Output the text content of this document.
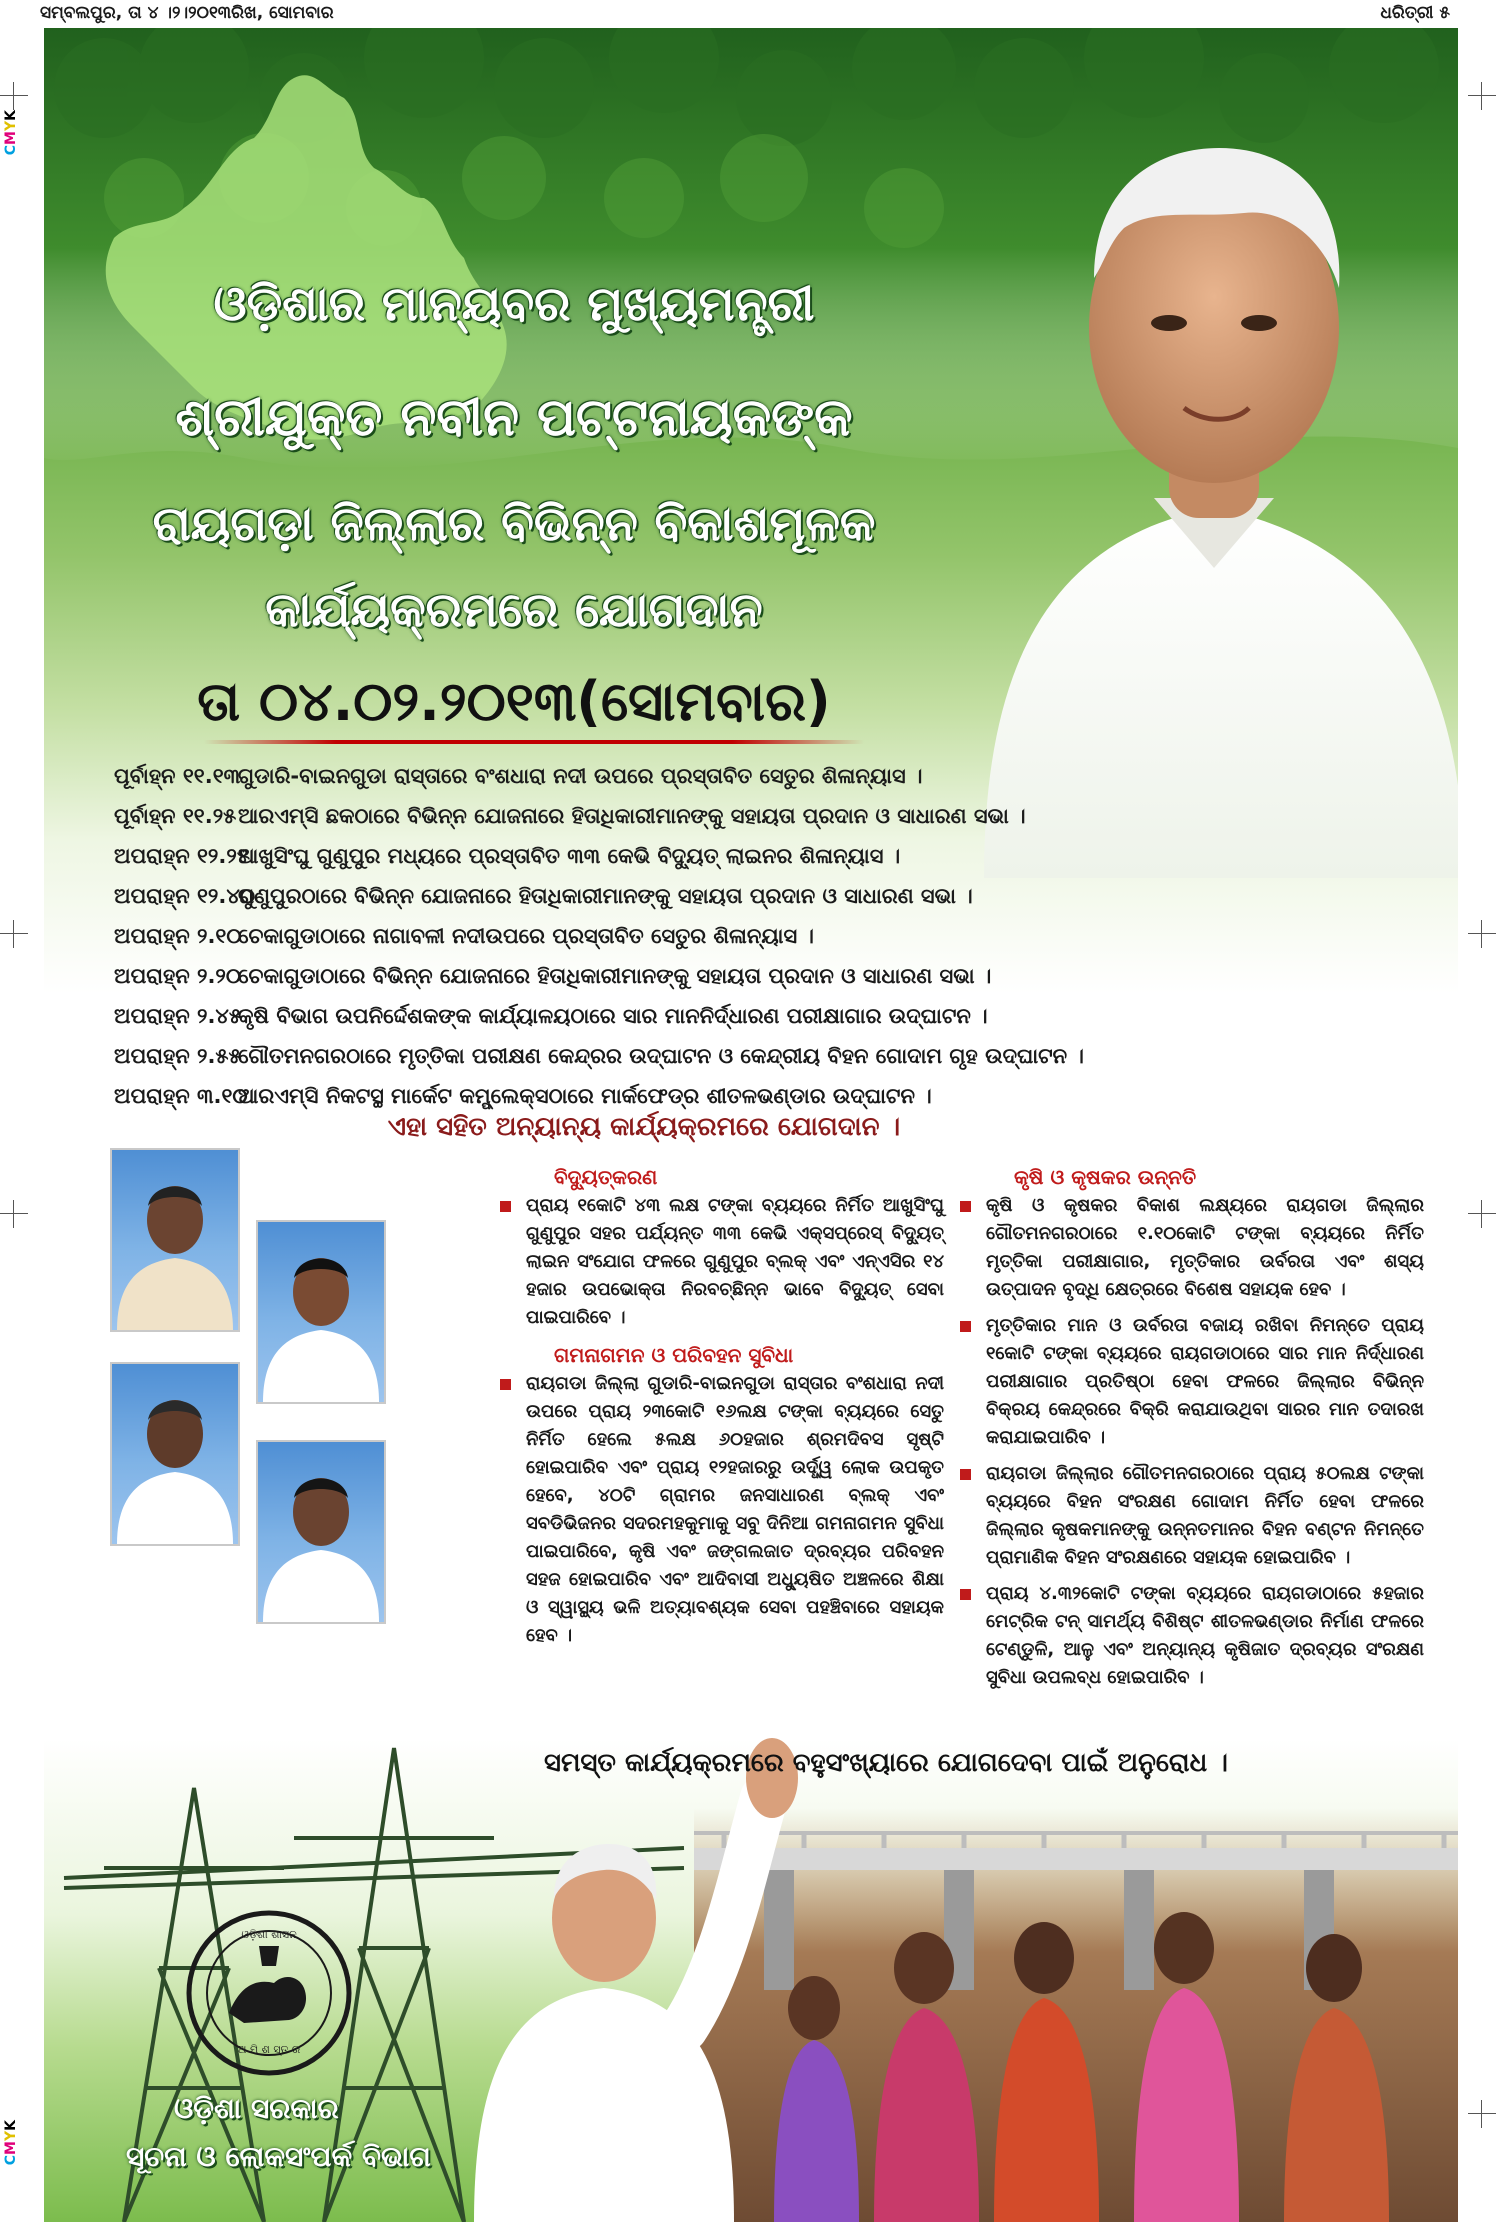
ସମ୍ବଲପୁର, ତା ୪ ।୨।୨୦୧୩ରିଖ, ସୋମବାର	ଧରିତ୍ରୀ ୫
CMYK
CMYK
ଓଡ଼ିଶାର ମାନ୍ୟବର ମୁଖ୍ୟମନ୍ତ୍ରୀ
ଶ୍ରୀଯୁକ୍ତ ନବୀନ ପଟ୍ଟନାୟକଙ୍କ
ରାୟଗଡ଼ା ଜିଲ୍ଲାର ବିଭିନ୍ନ ବିକାଶମୂଳକ
କାର୍ଯ୍ୟକ୍ରମରେ ଯୋଗଦାନ
ତା ୦୪.୦୨.୨୦୧୩(ସୋମବାର)
ପୂର୍ବାହ୍ନ ୧୧.୧୩ଗୁଡାରି-ବାଇନଗୁଡା ରାସ୍ତାରେ ବଂଶଧାରା ନଦୀ ଉପରେ ପ୍ରସ୍ତାବିତ ସେତୁର ଶିଳାନ୍ୟାସ ।
ପୂର୍ବାହ୍ନ ୧୧.୨୫ଆରଏମ୍‌ସି ଛକଠାରେ ବିଭିନ୍ନ ଯୋଜନାରେ ହିତାଧିକାରୀମାନଙ୍କୁ ସହାୟତା ପ୍ରଦାନ ଓ ସାଧାରଣ ସଭା ।
ଅପରାହ୍ନ ୧୨.୨୫ଆଖୁସିଂଘୁ ଗୁଣୁପୁର ମଧ୍ୟରେ ପ୍ରସ୍ତାବିତ ୩୩ କେଭି ବିଦ୍ୟୁତ୍ ଲାଇନର ଶିଳାନ୍ୟାସ ।
ଅପରାହ୍ନ ୧୨.୪୦ଗୁଣୁପୁରଠାରେ ବିଭିନ୍ନ ଯୋଜନାରେ ହିତାଧିକାରୀମାନଙ୍କୁ ସହାୟତା ପ୍ରଦାନ ଓ ସାଧାରଣ ସଭା ।
ଅପରାହ୍ନ ୨.୧୦ଚେକାଗୁଡାଠାରେ ନାଗାବଳୀ ନଦୀଉପରେ ପ୍ରସ୍ତାବିତ ସେତୁର ଶିଳାନ୍ୟାସ ।
ଅପରାହ୍ନ ୨.୨୦ଚେକାଗୁଡାଠାରେ ବିଭିନ୍ନ ଯୋଜନାରେ ହିତାଧିକାରୀମାନଙ୍କୁ ସହାୟତା ପ୍ରଦାନ ଓ ସାଧାରଣ ସଭା ।
ଅପରାହ୍ନ ୨.୪୫କୃଷି ବିଭାଗ ଉପନିର୍ଦ୍ଦେଶକଙ୍କ କାର୍ଯ୍ୟାଳୟଠାରେ ସାର ମାନନିର୍ଦ୍ଧାରଣ ପରୀକ୍ଷାଗାର ଉଦ୍‌ଘାଟନ ।
ଅପରାହ୍ନ ୨.୫୫ଗୌତମନଗରଠାରେ ମୃତ୍ତିକା ପରୀକ୍ଷଣ କେନ୍ଦ୍ରର ଉଦ୍‌ଘାଟନ ଓ କେନ୍ଦ୍ରୀୟ ବିହନ ଗୋଦାମ ଗୃହ ଉଦ୍‌ଘାଟନ ।
ଅପରାହ୍ନ ୩.୧୦ଆରଏମ୍‌ସି ନିକଟସ୍ଥ ମାର୍କେଟ କମ୍ପ୍ଲେକ୍ସଠାରେ ମାର୍କଫେଡ୍‌ର ଶୀତଳଭଣ୍ଡାର ଉଦ୍‌ଘାଟନ ।
ଏହା ସହିତ ଅନ୍ୟାନ୍ୟ କାର୍ଯ୍ୟକ୍ରମରେ ଯୋଗଦାନ ।
ବିଦ୍ୟୁତ୍‌କରଣ
ପ୍ରାୟ ୧କୋଟି ୪୩ ଲକ୍ଷ ଟଙ୍କା ବ୍ୟୟରେ ନିର୍ମିତ ଆଖୁସିଂଘୁ ଗୁଣୁପୁର ସହର ପର୍ଯ୍ୟନ୍ତ ୩୩ କେଭି ଏକ୍ସପ୍ରେସ୍ ବିଦ୍ୟୁତ୍ ଲାଇନ ସଂଯୋଗ ଫଳରେ ଗୁଣୁପୁର ବ୍ଲକ୍ ଏବଂ ଏନ୍‌ଏସିର ୧୪ ହଜାର ଉପଭୋକ୍ତା ନିରବଚ୍ଛିନ୍ନ ଭାବେ ବିଦ୍ୟୁତ୍ ସେବା ପାଇପାରିବେ ।
ଗମନାଗମନ ଓ ପରିବହନ ସୁବିଧା
ରାୟଗଡା ଜିଲ୍ଲା ଗୁଡାରି-ବାଇନଗୁଡା ରାସ୍ତାର ବଂଶଧାରା ନଦୀ ଉପରେ ପ୍ରାୟ ୨୩କୋଟି ୧୬ଲକ୍ଷ ଟଙ୍କା ବ୍ୟୟରେ ସେତୁ ନିର୍ମିତ ହେଲେ ୫ଲକ୍ଷ ୬୦ହଜାର ଶ୍ରମଦିବସ ସୃଷ୍ଟି ହୋଇପାରିବ ଏବଂ ପ୍ରାୟ ୧୨ହଜାରରୁ ଉର୍ଦ୍ଧ୍ୱ ଲୋକ ଉପକୃତ ହେବେ, ୪୦ଟି ଗ୍ରାମର ଜନସାଧାରଣ ବ୍ଲକ୍ ଏବଂ ସବଡିଭିଜନର ସଦରମହକୁମାକୁ ସବୁ ଦିନିଆ ଗମନାଗମନ ସୁବିଧା ପାଇପାରିବେ, କୃଷି ଏବଂ ଜଙ୍ଗଲଜାତ ଦ୍ରବ୍ୟର ପରିବହନ ସହଜ ହୋଇପାରିବ ଏବଂ ଆଦିବାସୀ ଅଧ୍ୟୁଷିତ ଅଞ୍ଚଳରେ ଶିକ୍ଷା ଓ ସ୍ୱାସ୍ଥ୍ୟ ଭଳି ଅତ୍ୟାବଶ୍ୟକ ସେବା ପହଞ୍ଚିବାରେ ସହାୟକ ହେବ ।
କୃଷି ଓ କୃଷକର ଉନ୍ନତି
କୃଷି ଓ କୃଷକର ବିକାଶ ଲକ୍ଷ୍ୟରେ ରାୟଗଡା ଜିଲ୍ଲାର ଗୌତମନଗରଠାରେ ୧.୧୦କୋଟି ଟଙ୍କା ବ୍ୟୟରେ ନିର୍ମିତ ମୃତ୍ତିକା ପରୀକ୍ଷାଗାର, ମୃତ୍ତିକାର ଉର୍ବରତା ଏବଂ ଶସ୍ୟ ଉତ୍ପାଦନ ବୃଦ୍ଧି କ୍ଷେତ୍ରରେ ବିଶେଷ ସହାୟକ ହେବ ।
ମୃତ୍ତିକାର ମାନ ଓ ଉର୍ବରତା ବଜାୟ ରଖିବା ନିମନ୍ତେ ପ୍ରାୟ ୧କୋଟି ଟଙ୍କା ବ୍ୟୟରେ ରାୟଗଡାଠାରେ ସାର ମାନ ନିର୍ଦ୍ଧାରଣ ପରୀକ୍ଷାଗାର ପ୍ରତିଷ୍ଠା ହେବା ଫଳରେ ଜିଲ୍ଲାର ବିଭିନ୍ନ ବିକ୍ରୟ କେନ୍ଦ୍ରରେ ବିକ୍ରି କରାଯାଉଥିବା ସାରର ମାନ ତଦାରଖ କରାଯାଇପାରିବ ।
ରାୟଗଡା ଜିଲ୍ଲାର ଗୌତମନଗରଠାରେ ପ୍ରାୟ ୫୦ଲକ୍ଷ ଟଙ୍କା ବ୍ୟୟରେ ବିହନ ସଂରକ୍ଷଣ ଗୋଦାମ ନିର୍ମିତ ହେବା ଫଳରେ ଜିଲ୍ଲାର କୃଷକମାନଙ୍କୁ ଉନ୍ନତମାନର ବିହନ ବଣ୍ଟନ ନିମନ୍ତେ ପ୍ରାମାଣିକ ବିହନ ସଂରକ୍ଷଣରେ ସହାୟକ ହୋଇପାରିବ ।
ପ୍ରାୟ ୪.୩୨କୋଟି ଟଙ୍କା ବ୍ୟୟରେ ରାୟଗଡାଠାରେ ୫ହଜାର ମେଟ୍ରିକ ଟନ୍ ସାମର୍ଥ୍ୟ ବିଶିଷ୍ଟ ଶୀତଳଭଣ୍ଡାର ନିର୍ମାଣ ଫଳରେ ଟେଣ୍ଡୁଳି, ଆଳୁ ଏବଂ ଅନ୍ୟାନ୍ୟ କୃଷିଜାତ ଦ୍ରବ୍ୟର ସଂରକ୍ଷଣ ସୁବିଧା ଉପଲବ୍ଧ ହୋଇପାରିବ ।
ସମସ୍ତ କାର୍ଯ୍ୟକ୍ରମରେ ବହୁସଂଖ୍ୟାରେ ଯୋଗଦେବା ପାଇଁ ଅନୁରୋଧ ।
ଓଡ଼ିଶା ଶାସନ
ଅ ମି ଶ ସ୍ତ ର
ଓଡ଼ିଶା ସରକାର
ସୂଚନା ଓ ଲୋକସଂପର୍କ ବିଭାଗ
